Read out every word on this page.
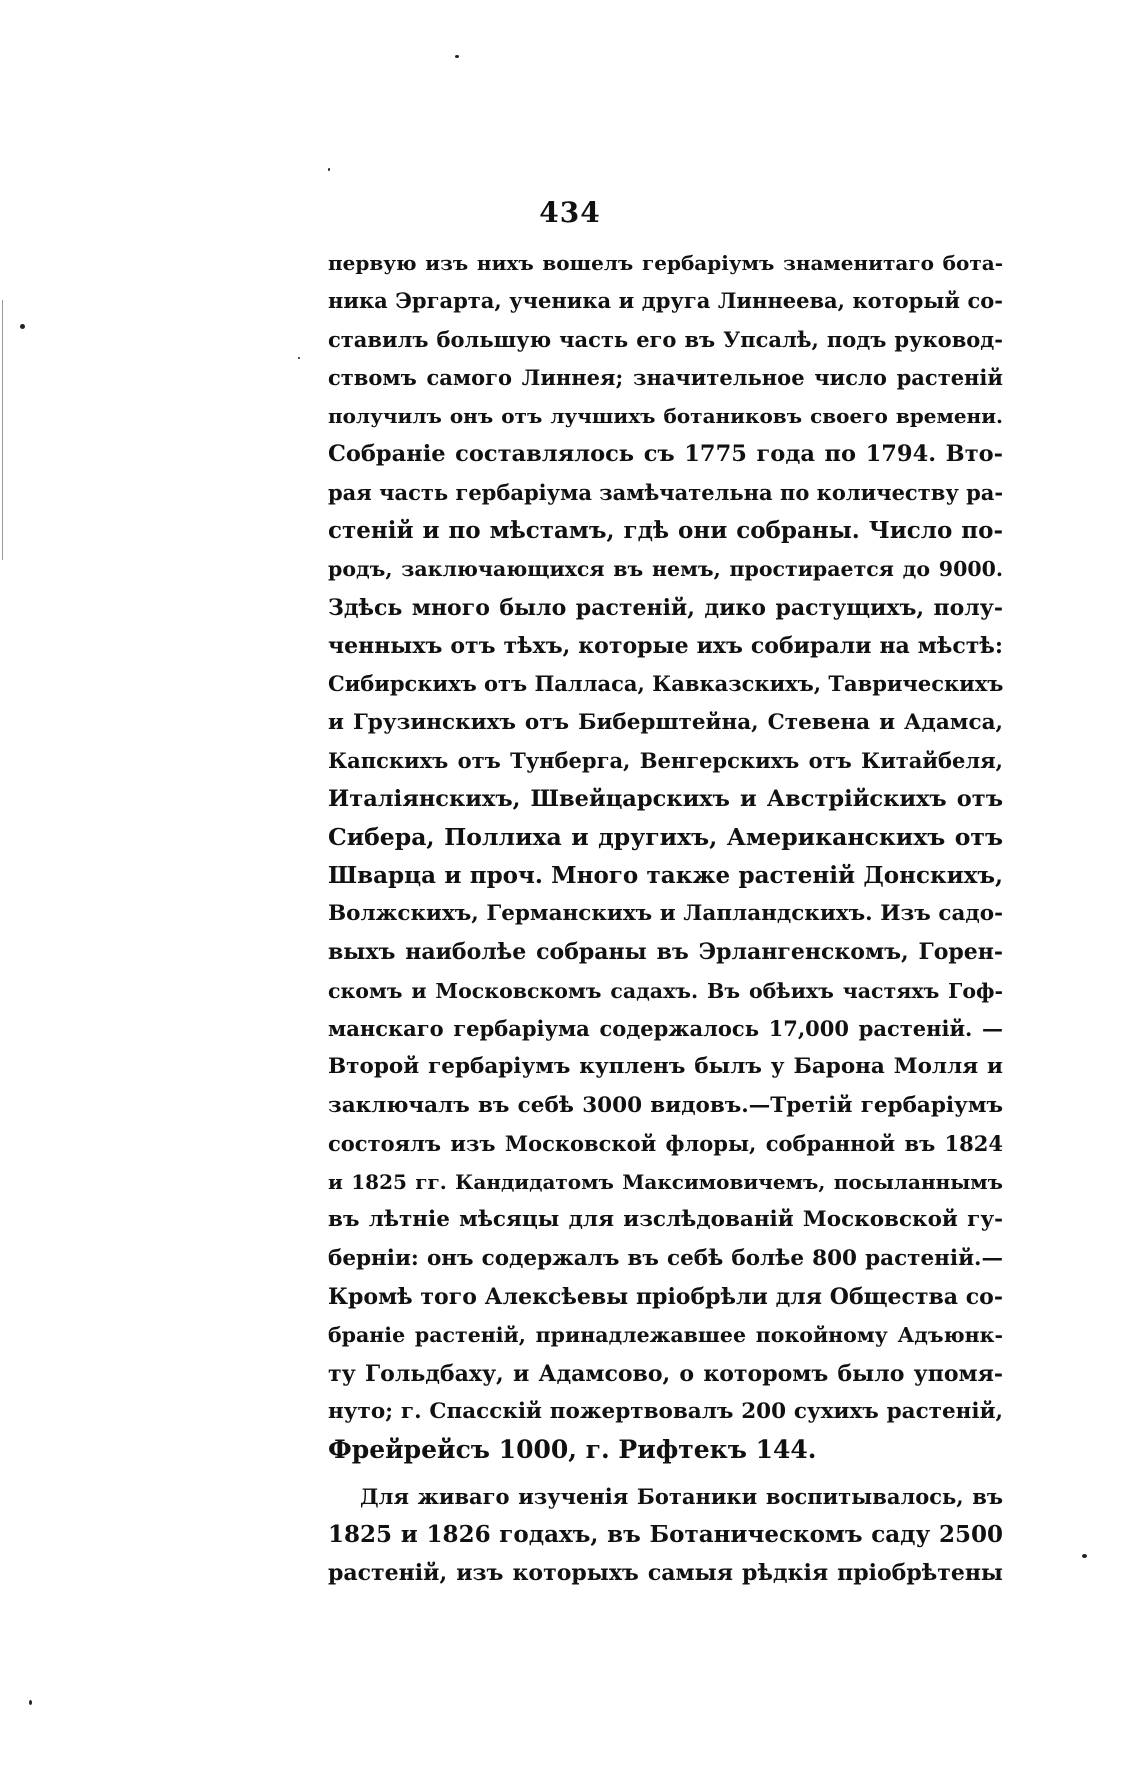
434
первую изъ нихъ вошелъ гербаріумъ знаменитаго бота-
ника Эргарта, ученика и друга Линнеева, который со-
ставилъ большую часть его въ Упсалѣ, подъ руковод-
ствомъ самого Линнея; значительное число растеній
получилъ онъ отъ лучшихъ ботаниковъ своего времени.
Собраніе составлялось съ 1775 года по 1794. Вто-
рая часть гербаріума замѣчательна по количеству ра-
стеній и по мѣстамъ, гдѣ они собраны. Число по-
родъ, заключающихся въ немъ, простирается до 9000.
Здѣсь много было растеній, дико растущихъ, полу-
ченныхъ отъ тѣхъ, которые ихъ собирали на мѣстѣ:
Сибирскихъ отъ Палласа, Кавказскихъ, Таврическихъ
и Грузинскихъ отъ Биберштейна, Стевена и Адамса,
Капскихъ отъ Тунберга, Венгерскихъ отъ Китайбеля,
Италіянскихъ, Швейцарскихъ и Австрійскихъ отъ
Сибера, Поллиха и другихъ, Американскихъ отъ
Шварца и проч. Много также растеній Донскихъ,
Волжскихъ, Германскихъ и Лапландскихъ. Изъ садо-
выхъ наиболѣе собраны въ Эрлангенскомъ, Горен-
скомъ и Московскомъ садахъ. Въ обѣихъ частяхъ Гоф-
манскаго гербаріума содержалось 17,000 растеній. —
Второй гербаріумъ купленъ былъ у Барона Молля и
заключалъ въ себѣ 3000 видовъ.—Третій гербаріумъ
состоялъ изъ Московской флоры, собранной въ 1824
и 1825 гг. Кандидатомъ Максимовичемъ, посыланнымъ
въ лѣтніе мѣсяцы для изслѣдованій Московской гу-
берніи: онъ содержалъ въ себѣ болѣе 800 растеній.—
Кромѣ того Алексѣевы пріобрѣли для Общества со-
браніе растеній, принадлежавшее покойному Адъюнк-
ту Гольдбаху, и Адамсово, о которомъ было упомя-
нуто; г. Спасскій пожертвовалъ 200 сухихъ растеній,
Фрейрейсъ 1000, г. Рифтекъ 144.
Для живаго изученія Ботаники воспитывалось, въ
1825 и 1826 годахъ, въ Ботаническомъ саду 2500
растеній, изъ которыхъ самыя рѣдкія пріобрѣтены
